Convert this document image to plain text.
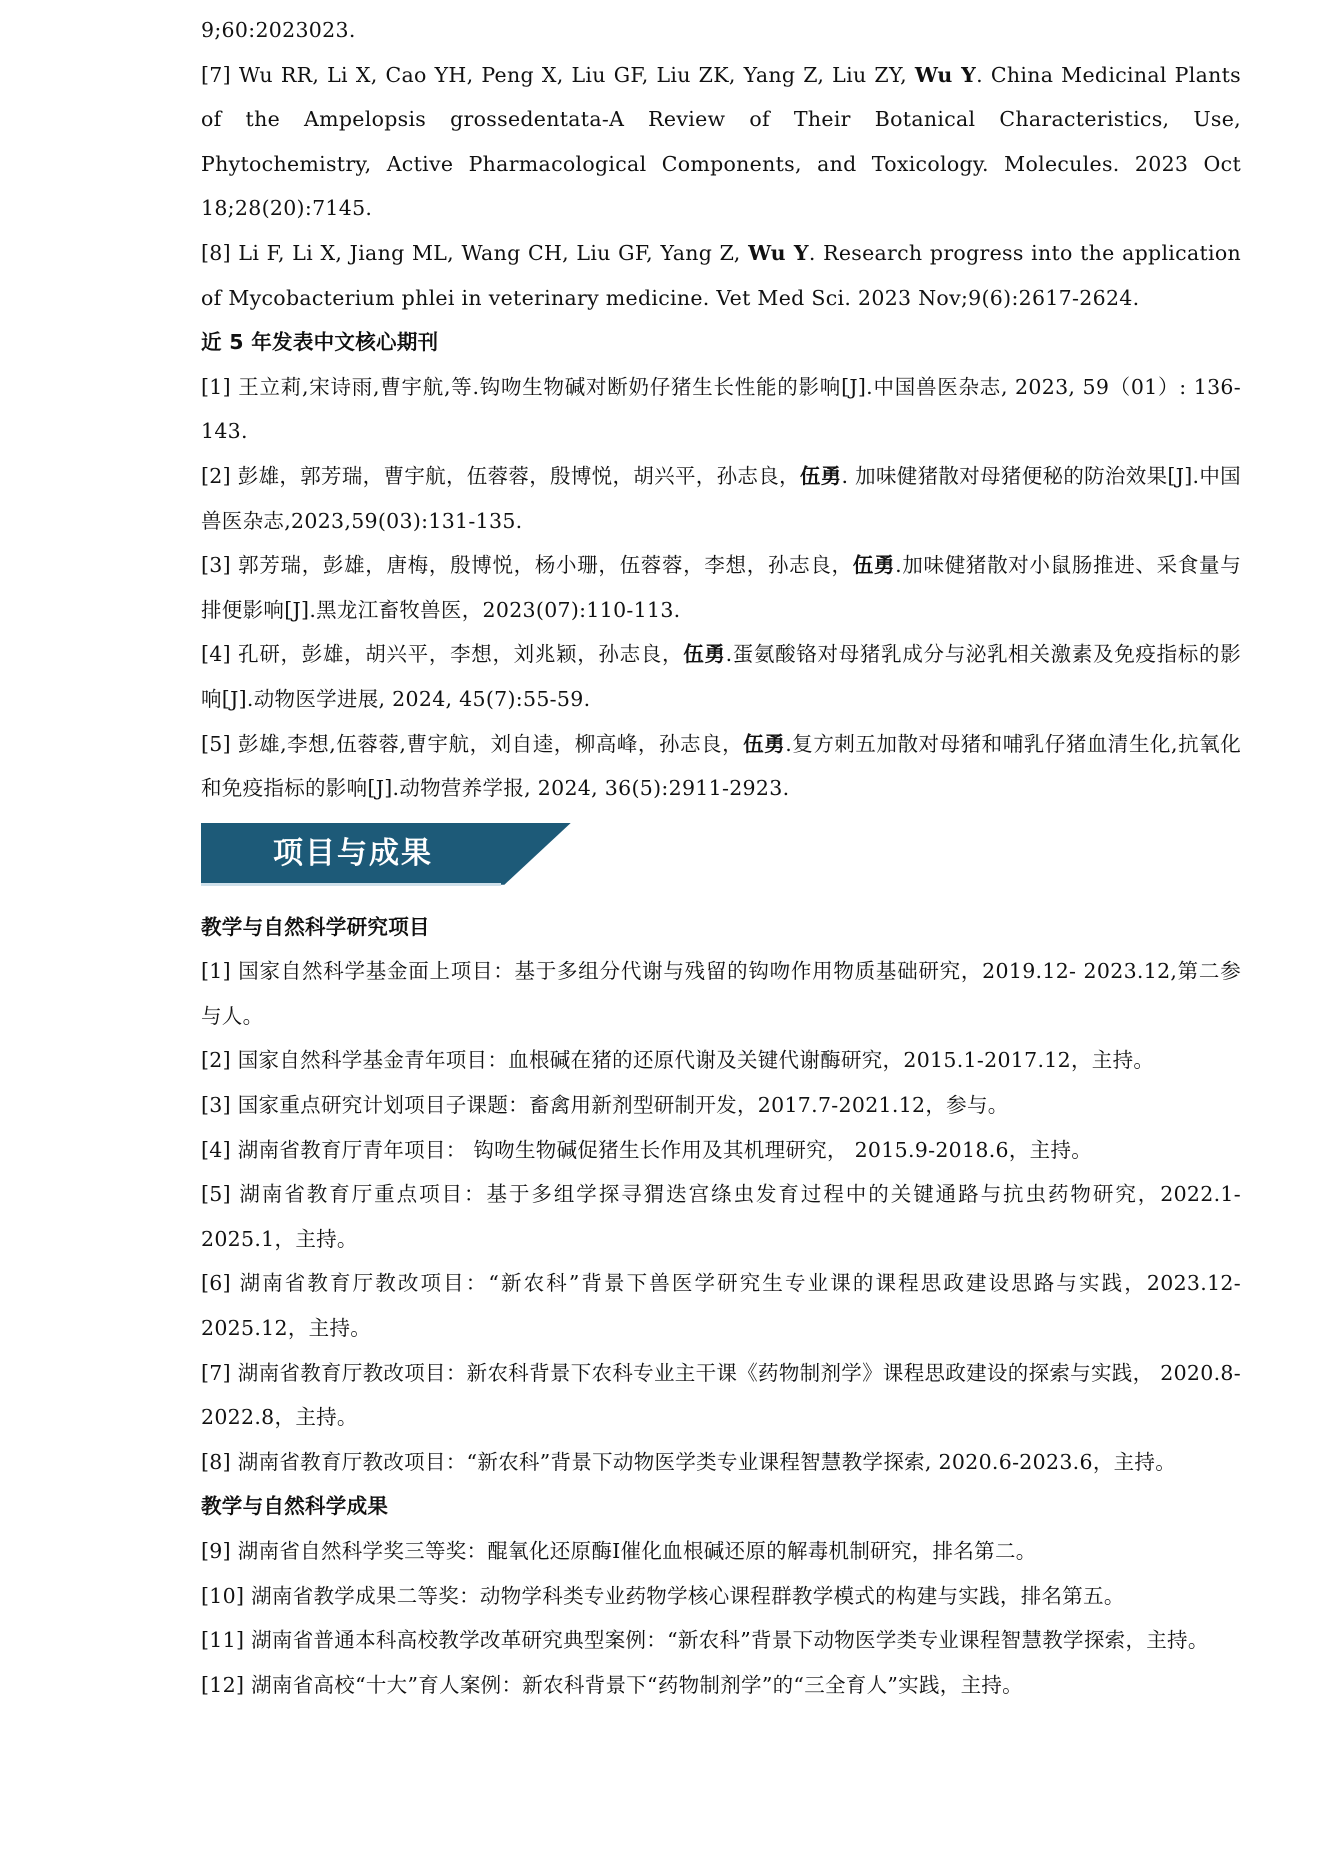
9;60:2023023.

[7] Wu RR, Li X, Cao YH, Peng X, Liu GF, Liu ZK, Yang Z, Liu ZY, Wu Y. China Medicinal Plants of the Ampelopsis grossedentata-A Review of Their Botanical Characteristics, Use, Phytochemistry, Active Pharmacological Components, and Toxicology. Molecules. 2023 Oct 18;28(20):7145.

[8] Li F, Li X, Jiang ML, Wang CH, Liu GF, Yang Z, Wu Y. Research progress into the application of Mycobacterium phlei in veterinary medicine. Vet Med Sci. 2023 Nov;9(6):2617-2624.

近 5 年发表中文核心期刊

[1] 王立莉,宋诗雨,曹宇航,等.钩吻生物碱对断奶仔猪生长性能的影响[J].中国兽医杂志, 2023, 59（01）: 136-143.

[2] 彭雄，郭芳瑞，曹宇航，伍蓉蓉，殷博悦，胡兴平，孙志良，伍勇. 加味健猪散对母猪便秘的防治效果[J].中国兽医杂志,2023,59(03):131-135.

[3] 郭芳瑞，彭雄，唐梅，殷博悦，杨小珊，伍蓉蓉，李想，孙志良，伍勇.加味健猪散对小鼠肠推进、采食量与排便影响[J].黑龙江畜牧兽医，2023(07):110-113.

[4] 孔研，彭雄，胡兴平，李想，刘兆颖，孙志良，伍勇.蛋氨酸铬对母猪乳成分与泌乳相关激素及免疫指标的影响[J].动物医学进展, 2024, 45(7):55-59.

[5] 彭雄,李想,伍蓉蓉,曹宇航，刘自逵，柳高峰，孙志良，伍勇.复方刺五加散对母猪和哺乳仔猪血清生化,抗氧化和免疫指标的影响[J].动物营养学报, 2024, 36(5):2911-2923.

项目与成果

教学与自然科学研究项目

[1] 国家自然科学基金面上项目：基于多组分代谢与残留的钩吻作用物质基础研究，2019.12- 2023.12,第二参与人。

[2] 国家自然科学基金青年项目：血根碱在猪的还原代谢及关键代谢酶研究，2015.1-2017.12，主持。

[3] 国家重点研究计划项目子课题：畜禽用新剂型研制开发，2017.7-2021.12，参与。

[4] 湖南省教育厅青年项目： 钩吻生物碱促猪生长作用及其机理研究， 2015.9-2018.6，主持。

[5] 湖南省教育厅重点项目：基于多组学探寻猬迭宫绦虫发育过程中的关键通路与抗虫药物研究，2022.1-2025.1，主持。

[6] 湖南省教育厅教改项目：“新农科”背景下兽医学研究生专业课的课程思政建设思路与实践，2023.12-2025.12，主持。

[7] 湖南省教育厅教改项目：新农科背景下农科专业主干课《药物制剂学》课程思政建设的探索与实践， 2020.8-2022.8，主持。

[8] 湖南省教育厅教改项目：“新农科”背景下动物医学类专业课程智慧教学探索, 2020.6-2023.6，主持。

教学与自然科学成果

[9] 湖南省自然科学奖三等奖：醌氧化还原酶I催化血根碱还原的解毒机制研究，排名第二。

[10] 湖南省教学成果二等奖：动物学科类专业药物学核心课程群教学模式的构建与实践，排名第五。

[11] 湖南省普通本科高校教学改革研究典型案例：“新农科”背景下动物医学类专业课程智慧教学探索，主持。

[12] 湖南省高校“十大”育人案例：新农科背景下“药物制剂学”的“三全育人”实践，主持。
